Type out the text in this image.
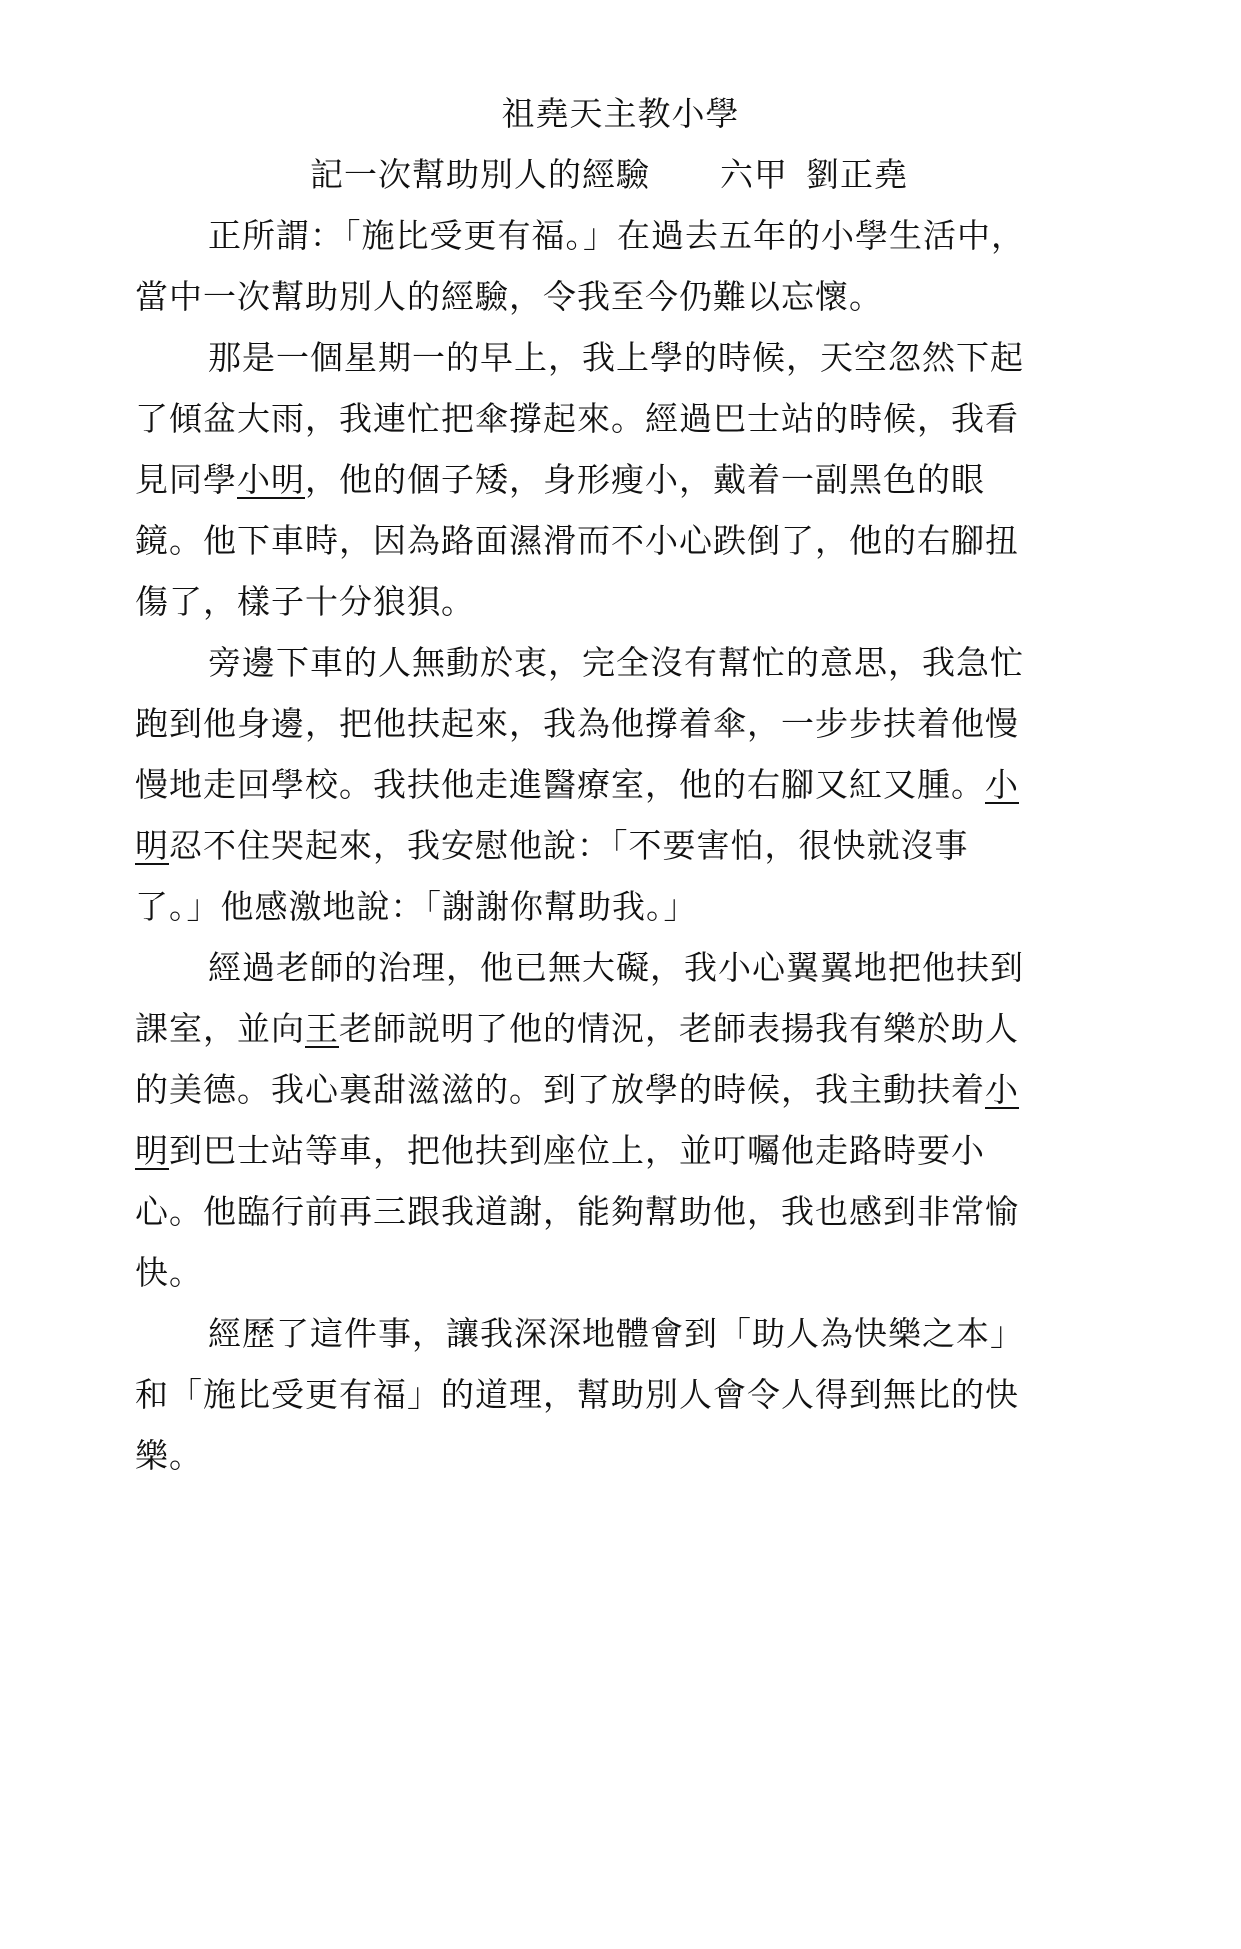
祖堯天主教小學
記一次幫助別人的經驗 六甲 劉正堯
正所謂：「施比受更有福。」在過去五年的小學生活中，
當中一次幫助別人的經驗，令我至今仍難以忘懷。
那是一個星期一的早上，我上學的時候，天空忽然下起
了傾盆大雨，我連忙把傘撐起來。經過巴士站的時候，我看
見同學小明，他的個子矮，身形瘦小，戴着一副黑色的眼
鏡。他下車時，因為路面濕滑而不小心跌倒了，他的右腳扭
傷了，樣子十分狼狽。
旁邊下車的人無動於衷，完全沒有幫忙的意思，我急忙
跑到他身邊，把他扶起來，我為他撐着傘，一步步扶着他慢
慢地走回學校。我扶他走進醫療室，他的右腳又紅又腫。小
明忍不住哭起來，我安慰他說：「不要害怕，很快就沒事
了。」他感激地說：「謝謝你幫助我。」
經過老師的治理，他已無大礙，我小心翼翼地把他扶到
課室，並向王老師説明了他的情況，老師表揚我有樂於助人
的美德。我心裏甜滋滋的。到了放學的時候，我主動扶着小
明到巴士站等車，把他扶到座位上，並叮囑他走路時要小
心。他臨行前再三跟我道謝，能夠幫助他，我也感到非常愉
快。
經歷了這件事，讓我深深地體會到「助人為快樂之本」
和「施比受更有福」的道理，幫助別人會令人得到無比的快
樂。
